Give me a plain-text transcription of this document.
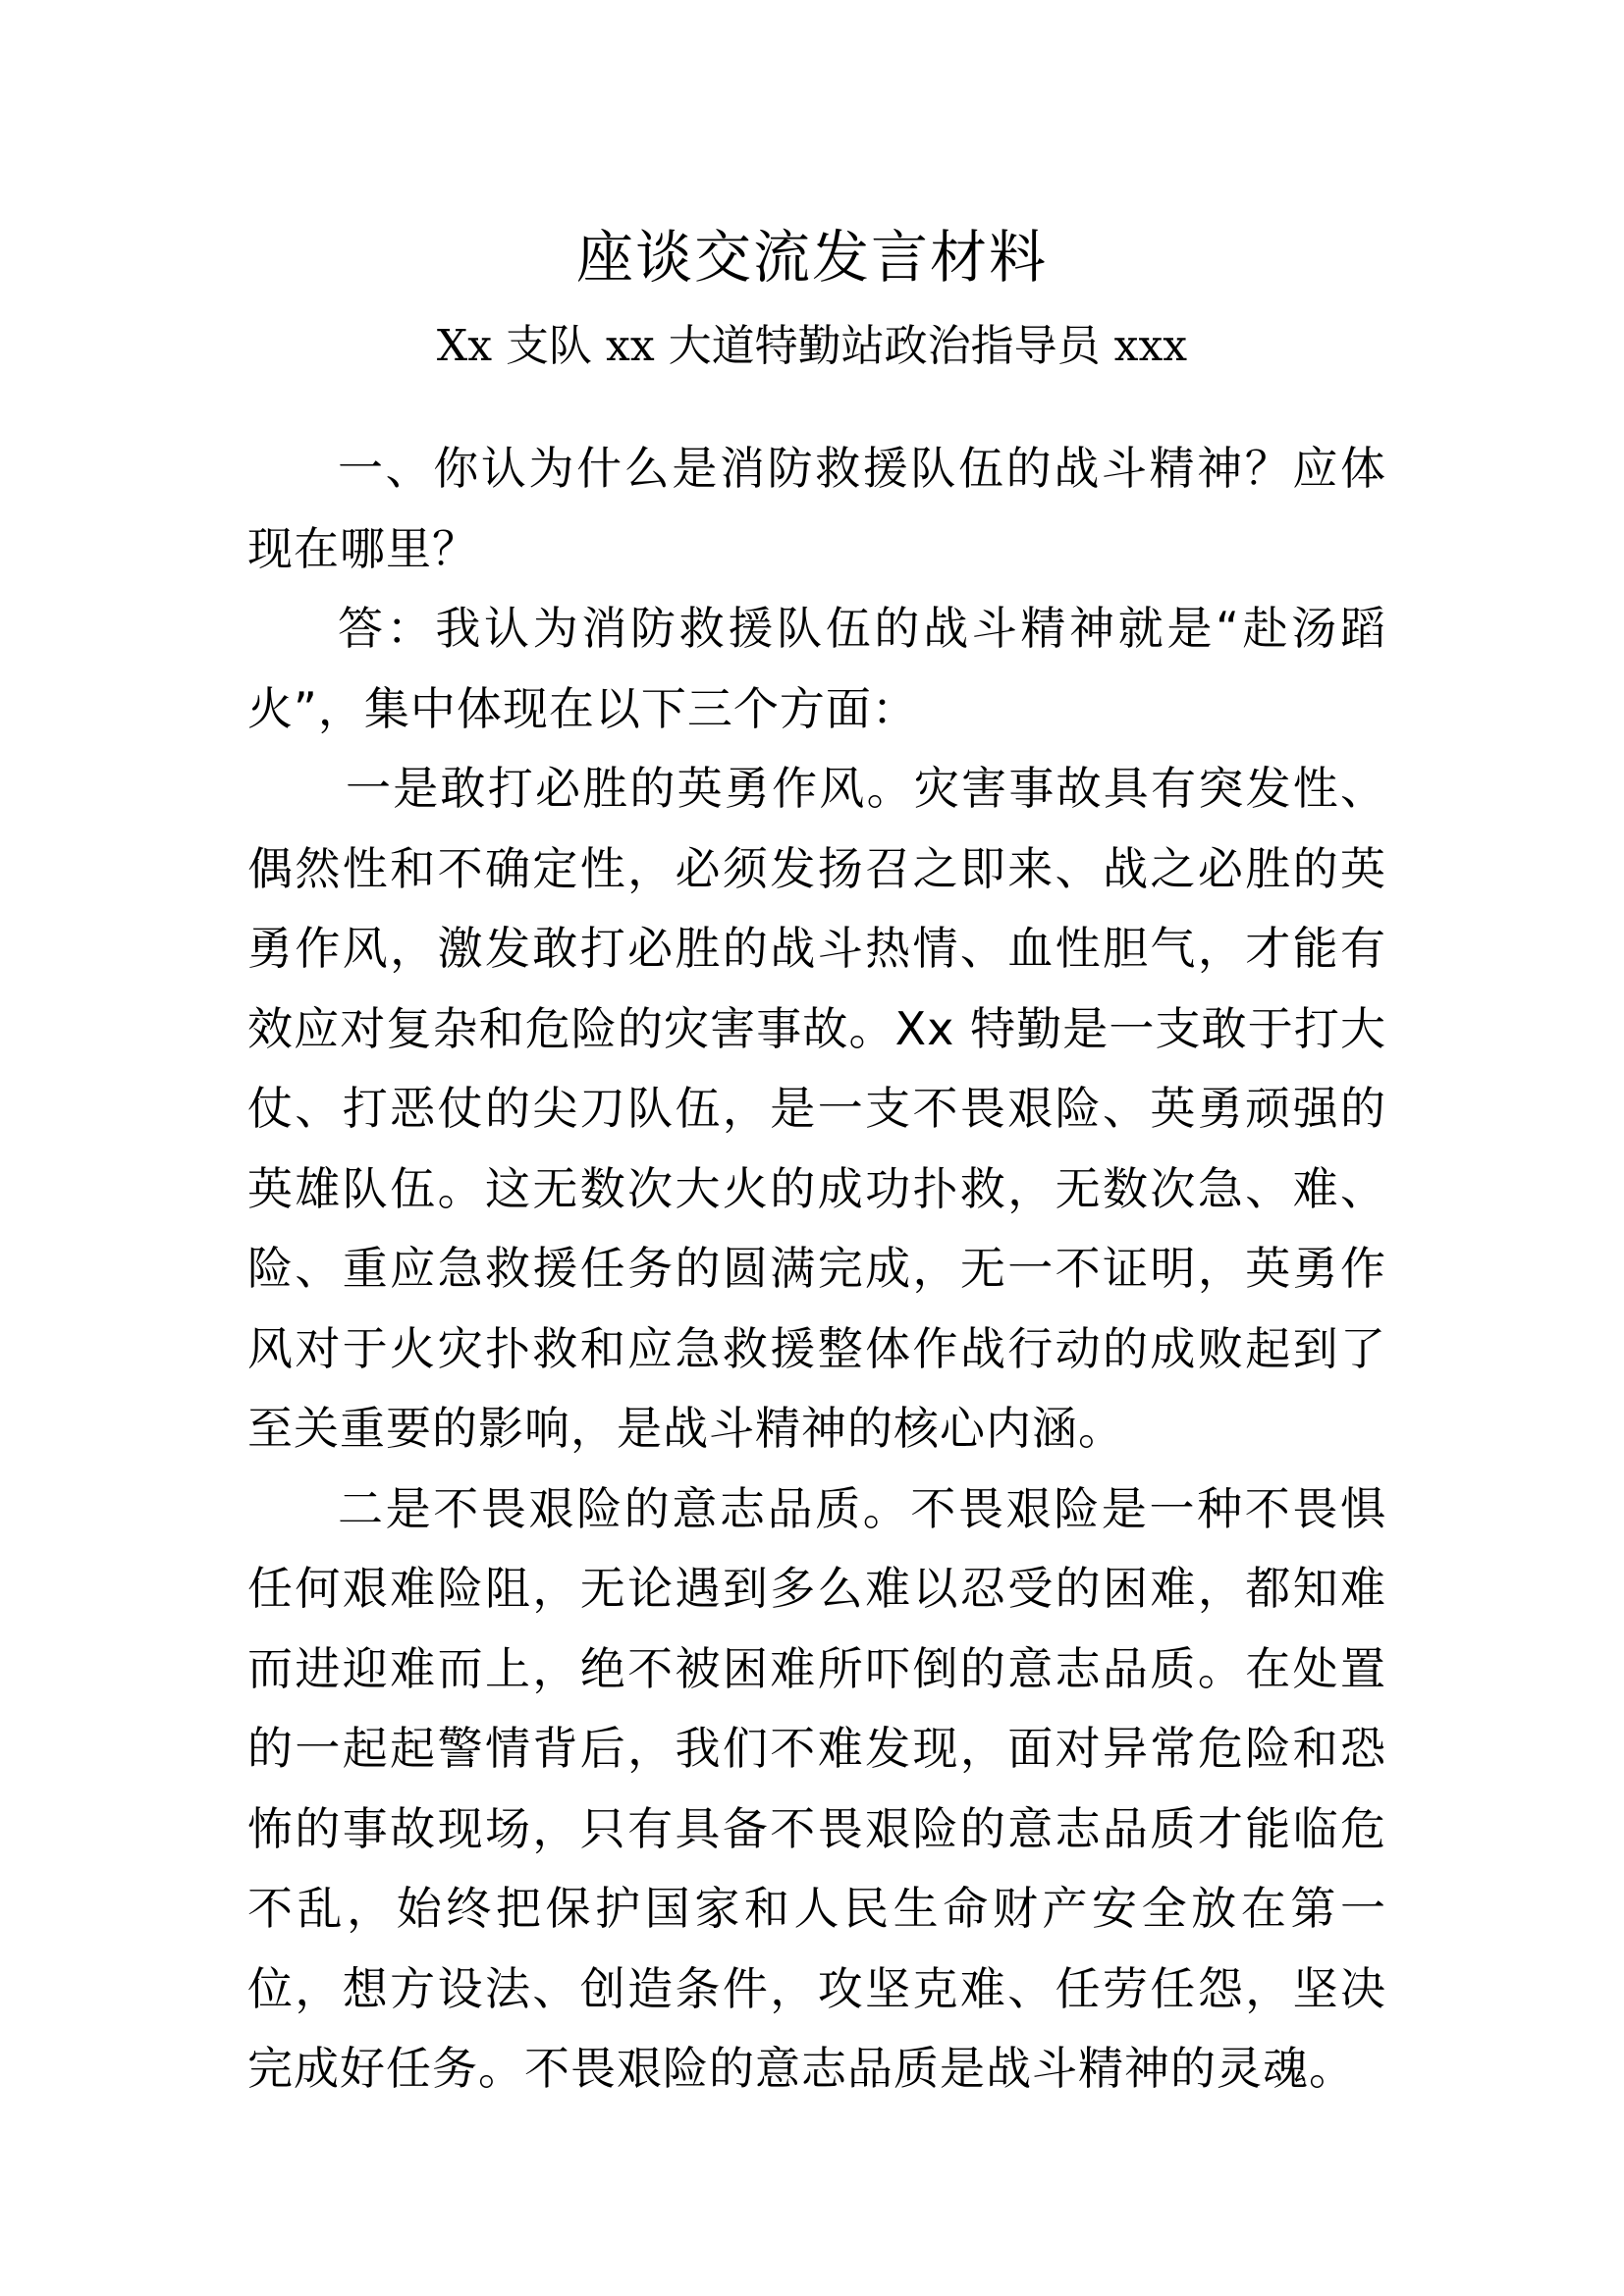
座谈交流发言材料
Xx 支队 xx 大道特勤站政治指导员 xxx

一、你认为什么是消防救援队伍的战斗精神？应体现在哪里？

答：我认为消防救援队伍的战斗精神就是“赴汤蹈火”，集中体现在以下三个方面：

一是敢打必胜的英勇作风。灾害事故具有突发性、偶然性和不确定性，必须发扬召之即来、战之必胜的英勇作风，激发敢打必胜的战斗热情、血性胆气，才能有效应对复杂和危险的灾害事故。Xx 特勤是一支敢于打大仗、打恶仗的尖刀队伍，是一支不畏艰险、英勇顽强的英雄队伍。这无数次大火的成功扑救，无数次急、难、险、重应急救援任务的圆满完成，无一不证明，英勇作风对于火灾扑救和应急救援整体作战行动的成败起到了至关重要的影响，是战斗精神的核心内涵。

二是不畏艰险的意志品质。不畏艰险是一种不畏惧任何艰难险阻，无论遇到多么难以忍受的困难，都知难而进迎难而上，绝不被困难所吓倒的意志品质。在处置的一起起警情背后，我们不难发现，面对异常危险和恐怖的事故现场，只有具备不畏艰险的意志品质才能临危不乱，始终把保护国家和人民生命财产安全放在第一位，想方设法、创造条件，攻坚克难、任劳任怨，坚决完成好任务。不畏艰险的意志品质是战斗精神的灵魂。
